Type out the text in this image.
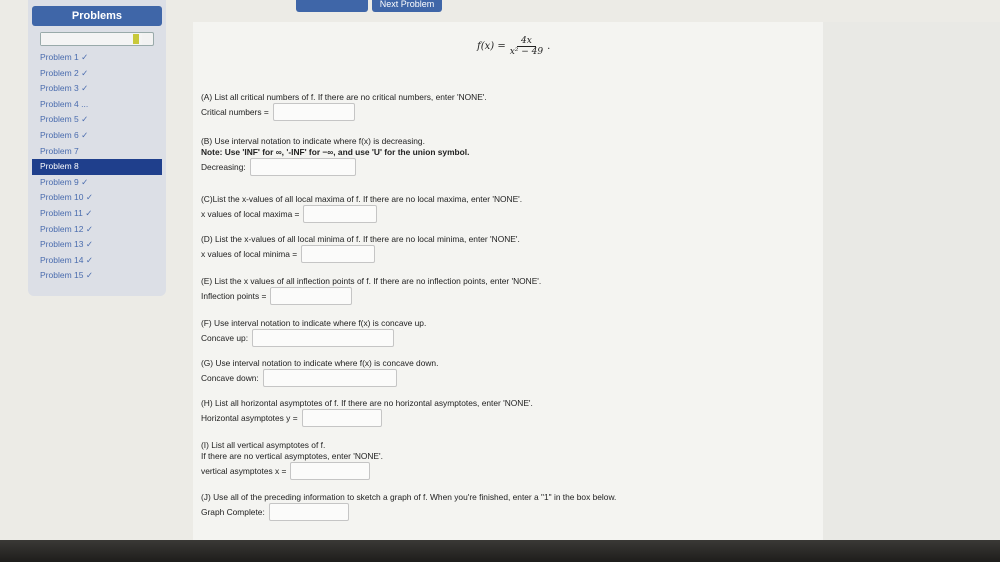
Next Problem
Problems
Problem 1 ✓
Problem 2 ✓
Problem 3 ✓
Problem 4 ...
Problem 5 ✓
Problem 6 ✓
Problem 7
Problem 8
Problem 9 ✓
Problem 10 ✓
Problem 11 ✓
Problem 12 ✓
Problem 13 ✓
Problem 14 ✓
Problem 15 ✓
$f(x) = \frac{4x}{\text{x² − 49}}$ .
(A) List all critical numbers of f. If there are no critical numbers, enter 'NONE'.
Critical numbers =
(B) Use interval notation to indicate where f(x) is decreasing.
Note: Use 'INF' for ∞, '-INF' for −∞, and use 'U' for the union symbol.
Decreasing:
(C)List the x-values of all local maxima of f. If there are no local maxima, enter 'NONE'.
x values of local maxima =
(D) List the x-values of all local minima of f. If there are no local minima, enter 'NONE'.
x values of local minima =
(E) List the x values of all inflection points of f. If there are no inflection points, enter 'NONE'.
Inflection points =
(F) Use interval notation to indicate where f(x) is concave up.
Concave up:
(G) Use interval notation to indicate where f(x) is concave down.
Concave down:
(H) List all horizontal asymptotes of f. If there are no horizontal asymptotes, enter 'NONE'.
Horizontal asymptotes y =
(I) List all vertical asymptotes of f.
If there are no vertical asymptotes, enter 'NONE'.
vertical asymptotes x =
(J) Use all of the preceding information to sketch a graph of f. When you're finished, enter a "1" in the box below.
Graph Complete:
